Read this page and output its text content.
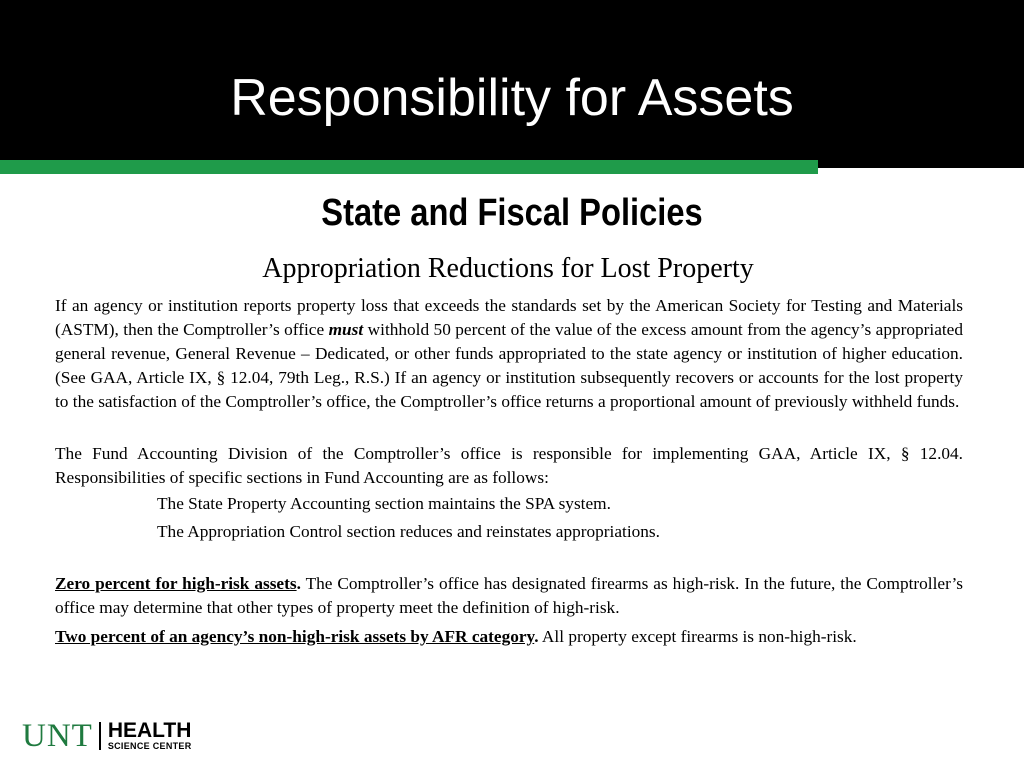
Responsibility for Assets
State and Fiscal Policies
Appropriation Reductions for Lost Property

If an agency or institution reports property loss that exceeds the standards set by the American Society for Testing and Materials (ASTM), then the Comptroller’s office must withhold 50 percent of the value of the excess amount from the agency’s appropriated general revenue, General Revenue – Dedicated, or other funds appropriated to the state agency or institution of higher education. (See GAA, Article IX, § 12.04, 79th Leg., R.S.) If an agency or institution subsequently recovers or accounts for the lost property to the satisfaction of the Comptroller’s office, the Comptroller’s office returns a proportional amount of previously withheld funds.

The Fund Accounting Division of the Comptroller’s office is responsible for implementing GAA, Article IX, § 12.04. Responsibilities of specific sections in Fund Accounting are as follows:

The State Property Accounting section maintains the SPA system.

The Appropriation Control section reduces and reinstates appropriations.

Zero percent for high-risk assets. The Comptroller’s office has designated firearms as high-risk. In the future, the Comptroller’s office may determine that other types of property meet the definition of high-risk.

Two percent of an agency’s non-high-risk assets by AFR category. All property except firearms is non-high-risk.

UNT HEALTH
SCIENCE CENTER
